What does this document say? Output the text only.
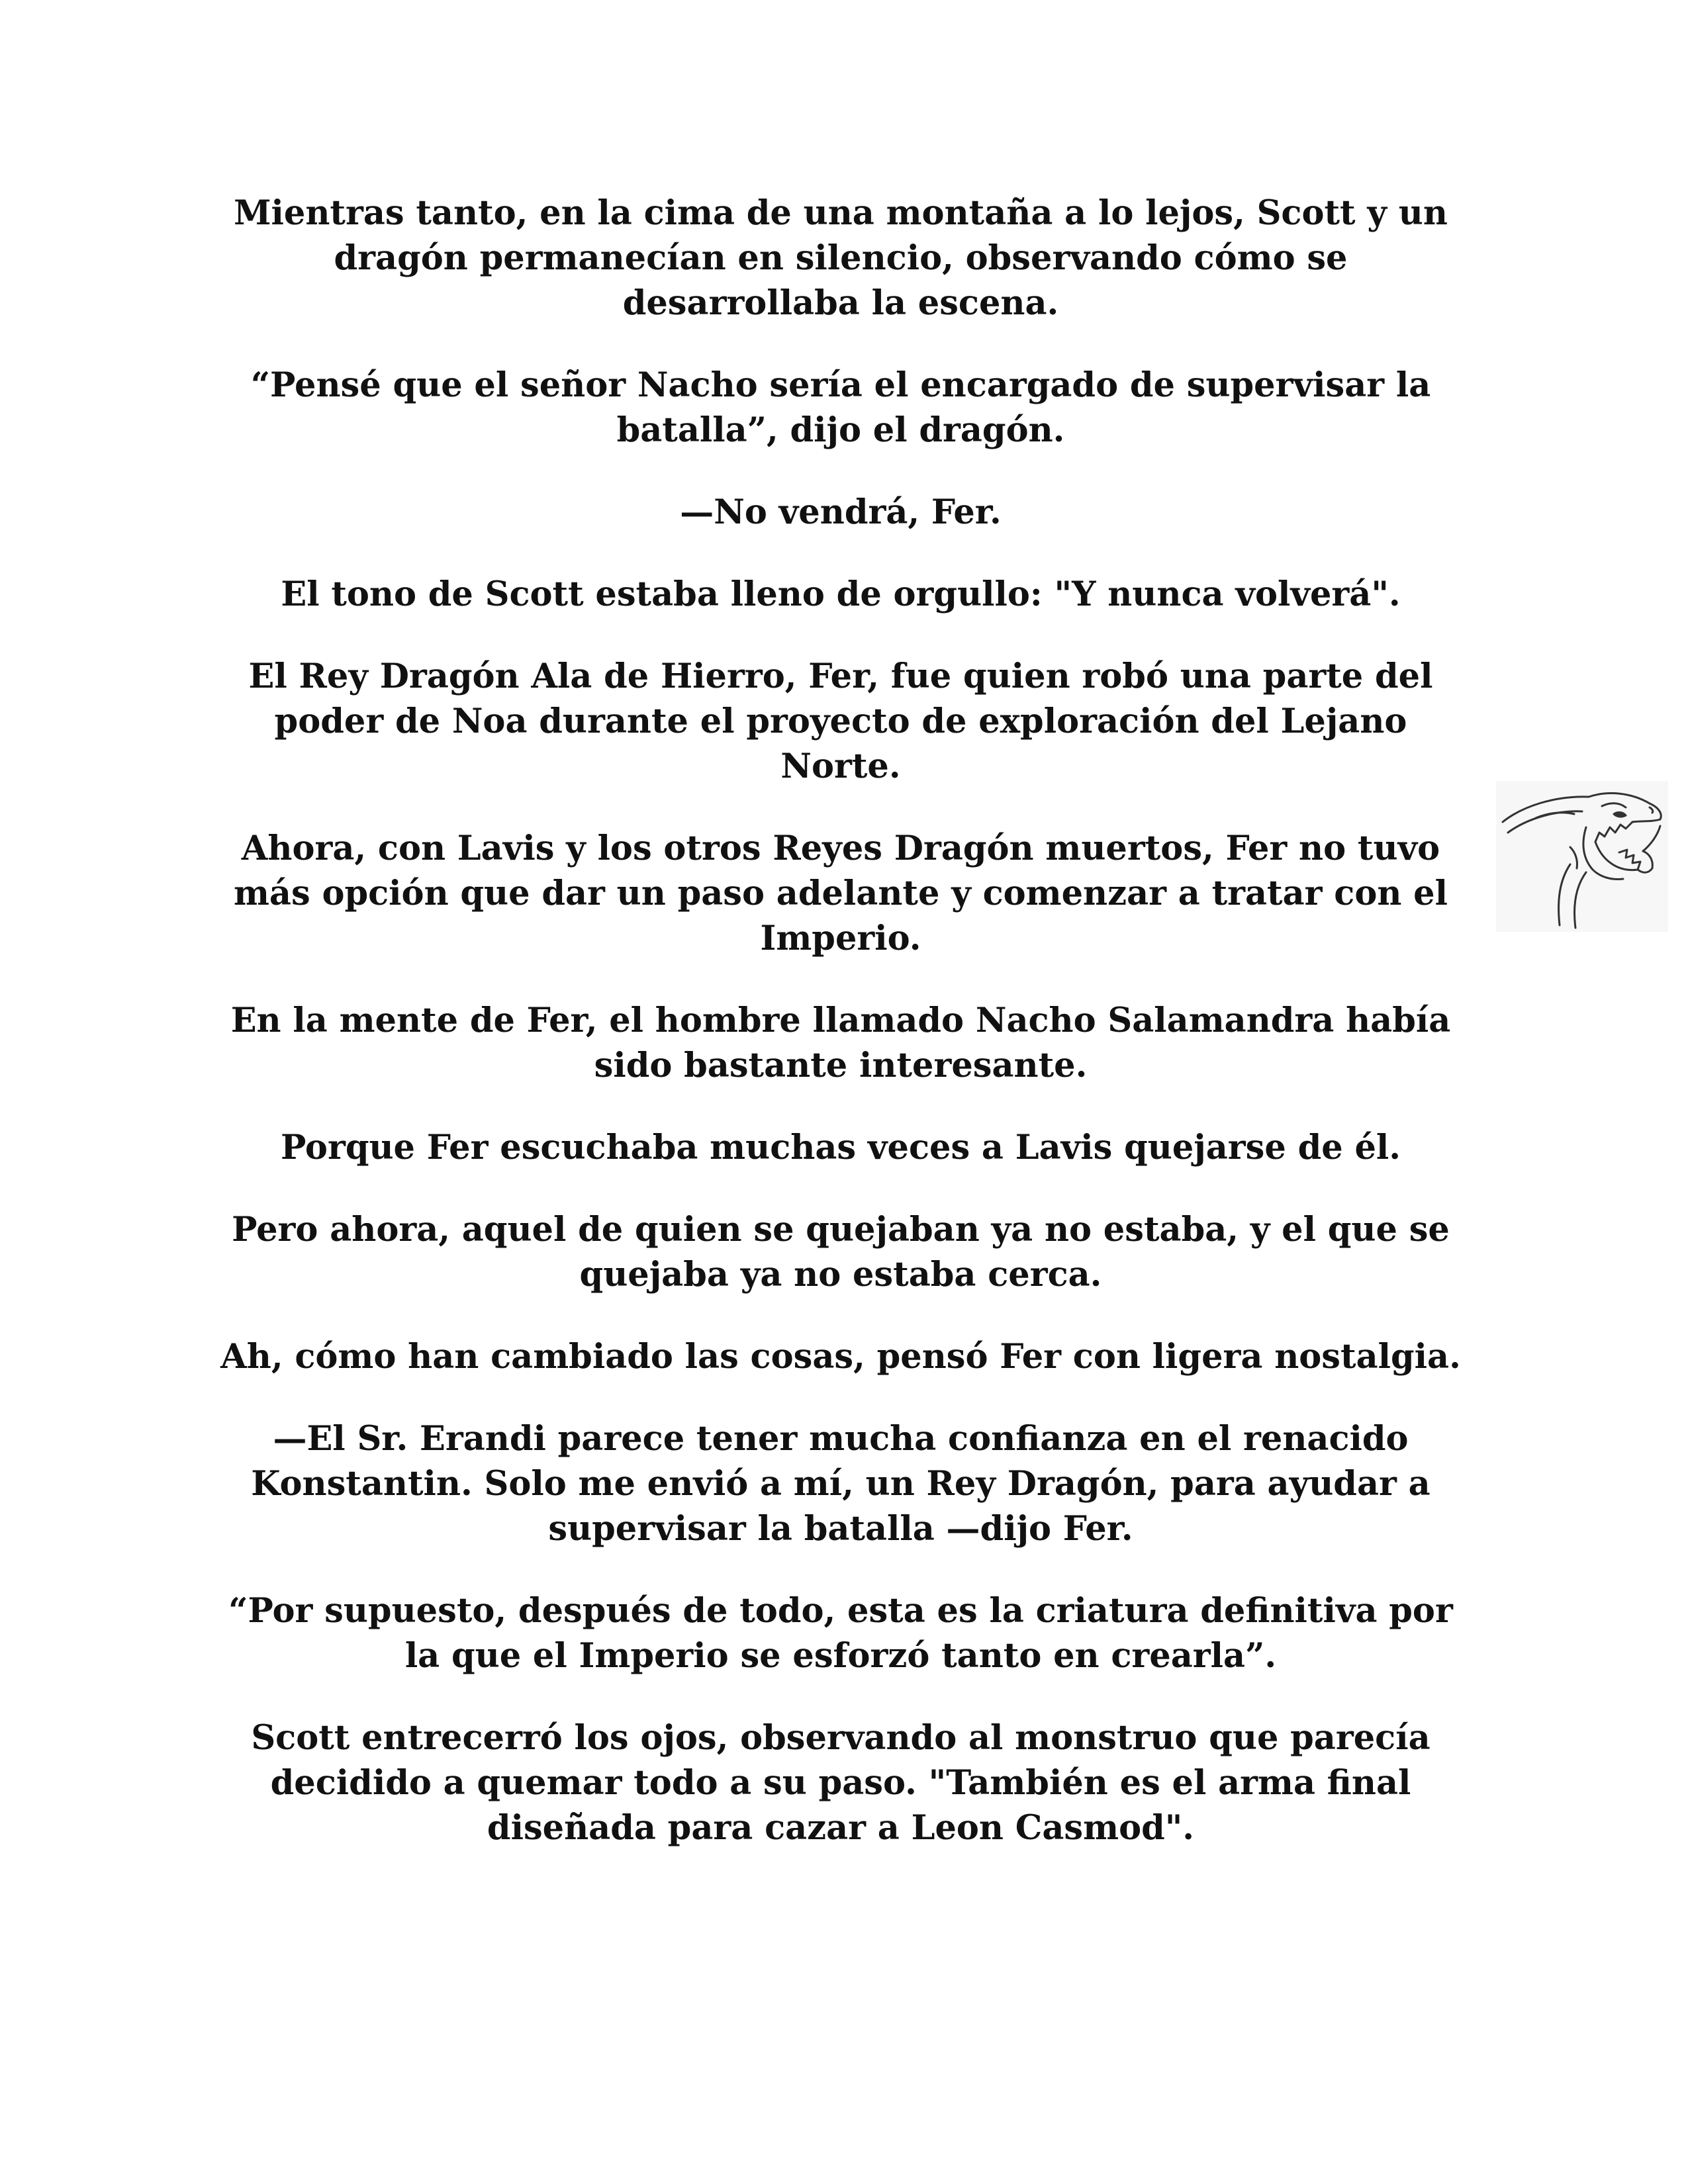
Mientras tanto, en la cima de una montaña a lo lejos, Scott y un dragón permanecían en silencio, observando cómo se desarrollaba la escena.

“Pensé que el señor Nacho sería el encargado de supervisar la batalla”, dijo el dragón.

—No vendrá, Fer.

El tono de Scott estaba lleno de orgullo: "Y nunca volverá".

El Rey Dragón Ala de Hierro, Fer, fue quien robó una parte del poder de Noa durante el proyecto de exploración del Lejano Norte.

Ahora, con Lavis y los otros Reyes Dragón muertos, Fer no tuvo más opción que dar un paso adelante y comenzar a tratar con el Imperio.

En la mente de Fer, el hombre llamado Nacho Salamandra había sido bastante interesante.

Porque Fer escuchaba muchas veces a Lavis quejarse de él.

Pero ahora, aquel de quien se quejaban ya no estaba, y el que se quejaba ya no estaba cerca.

Ah, cómo han cambiado las cosas, pensó Fer con ligera nostalgia.

—El Sr. Erandi parece tener mucha confianza en el renacido Konstantin. Solo me envió a mí, un Rey Dragón, para ayudar a supervisar la batalla —dijo Fer.

“Por supuesto, después de todo, esta es la criatura definitiva por la que el Imperio se esforzó tanto en crearla”.

Scott entrecerró los ojos, observando al monstruo que parecía decidido a quemar todo a su paso. "También es el arma final diseñada para cazar a Leon Casmod".
